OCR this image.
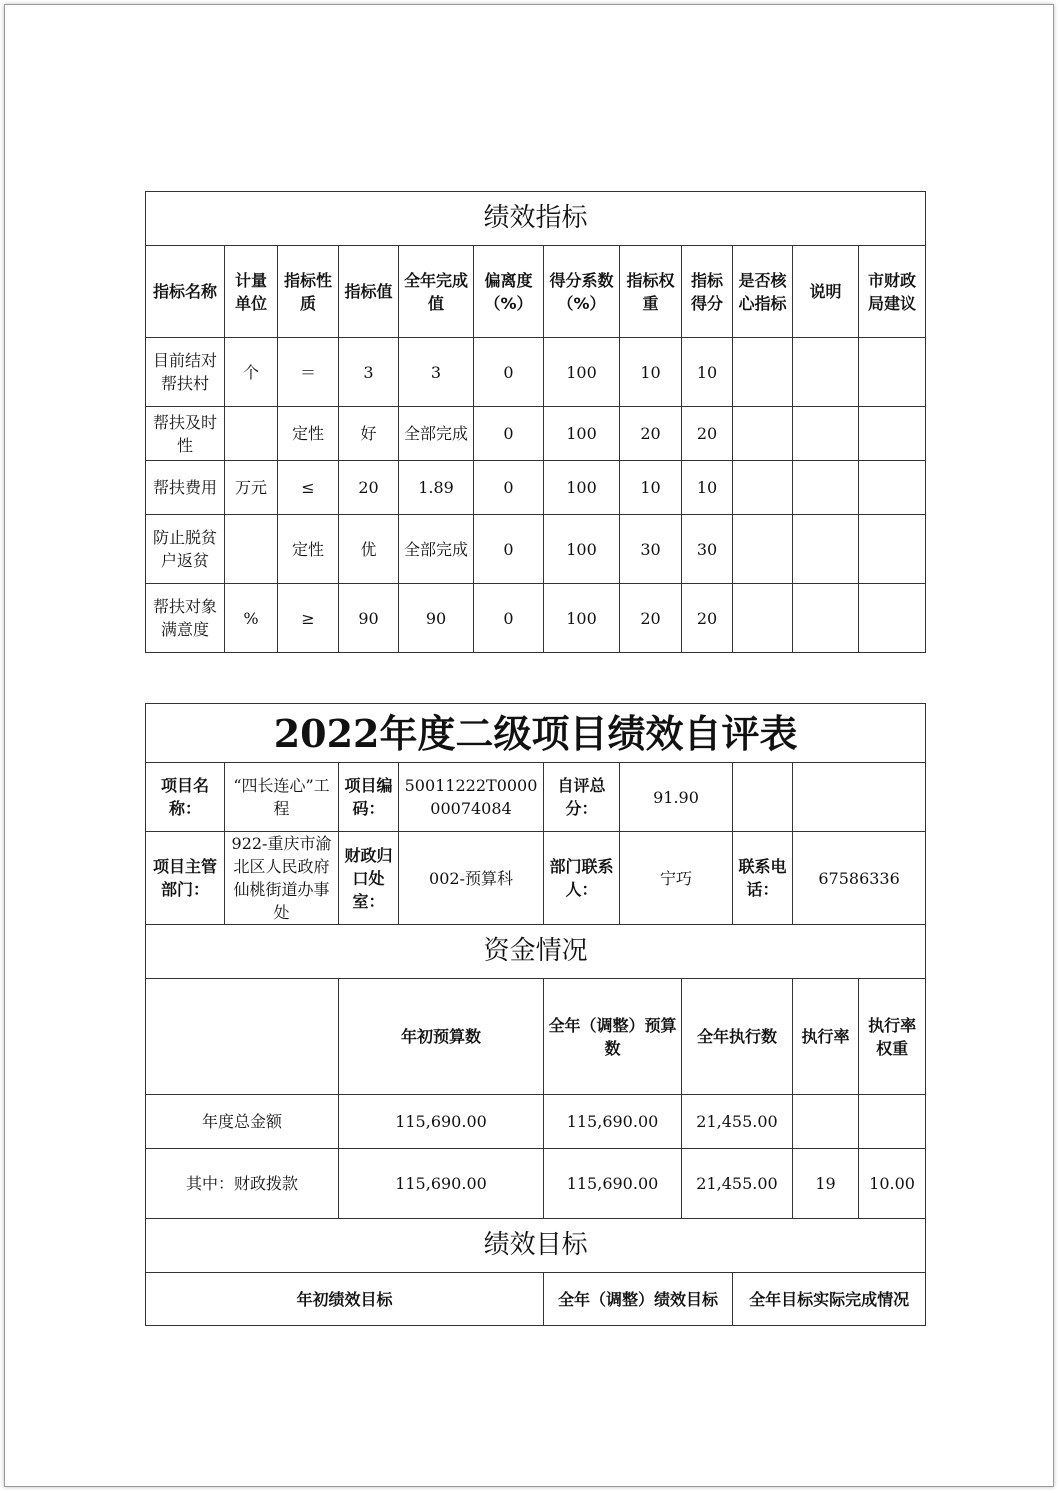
绩效指标											
指标名称	计量单位	指标性质	指标值	全年完成值	偏离度（%）	得分系数（%）	指标权重	指标得分	是否核心指标	说明	市财政局建议
目前结对帮扶村	个	＝	3	3	0	100	10	10			
帮扶及时性		定性	好	全部完成	0	100	20	20			
帮扶费用	万元	≤	20	1.89	0	100	10	10			
防止脱贫户返贫		定性	优	全部完成	0	100	30	30			
帮扶对象满意度	%	≥	90	90	0	100	20	20			
2022年度二级项目绩效自评表										
项目名称：	“四长连心”工程	项目编码：	50011222T000000074084	自评总分：	91.90					
项目主管部门：	922-重庆市渝北区人民政府仙桃街道办事处	财政归口处室：	002-预算科	部门联系人：	宁巧		联系电话：	67586336		
资金情况										
		年初预算数		全年（调整）预算数		全年执行数		执行率	执行率权重	
年度总金额		115,690.00		115,690.00		21,455.00				
其中：财政拨款		115,690.00		115,690.00		21,455.00		19	10.00	
绩效目标										
年初绩效目标				全年（调整）绩效目标			全年目标实际完成情况			
